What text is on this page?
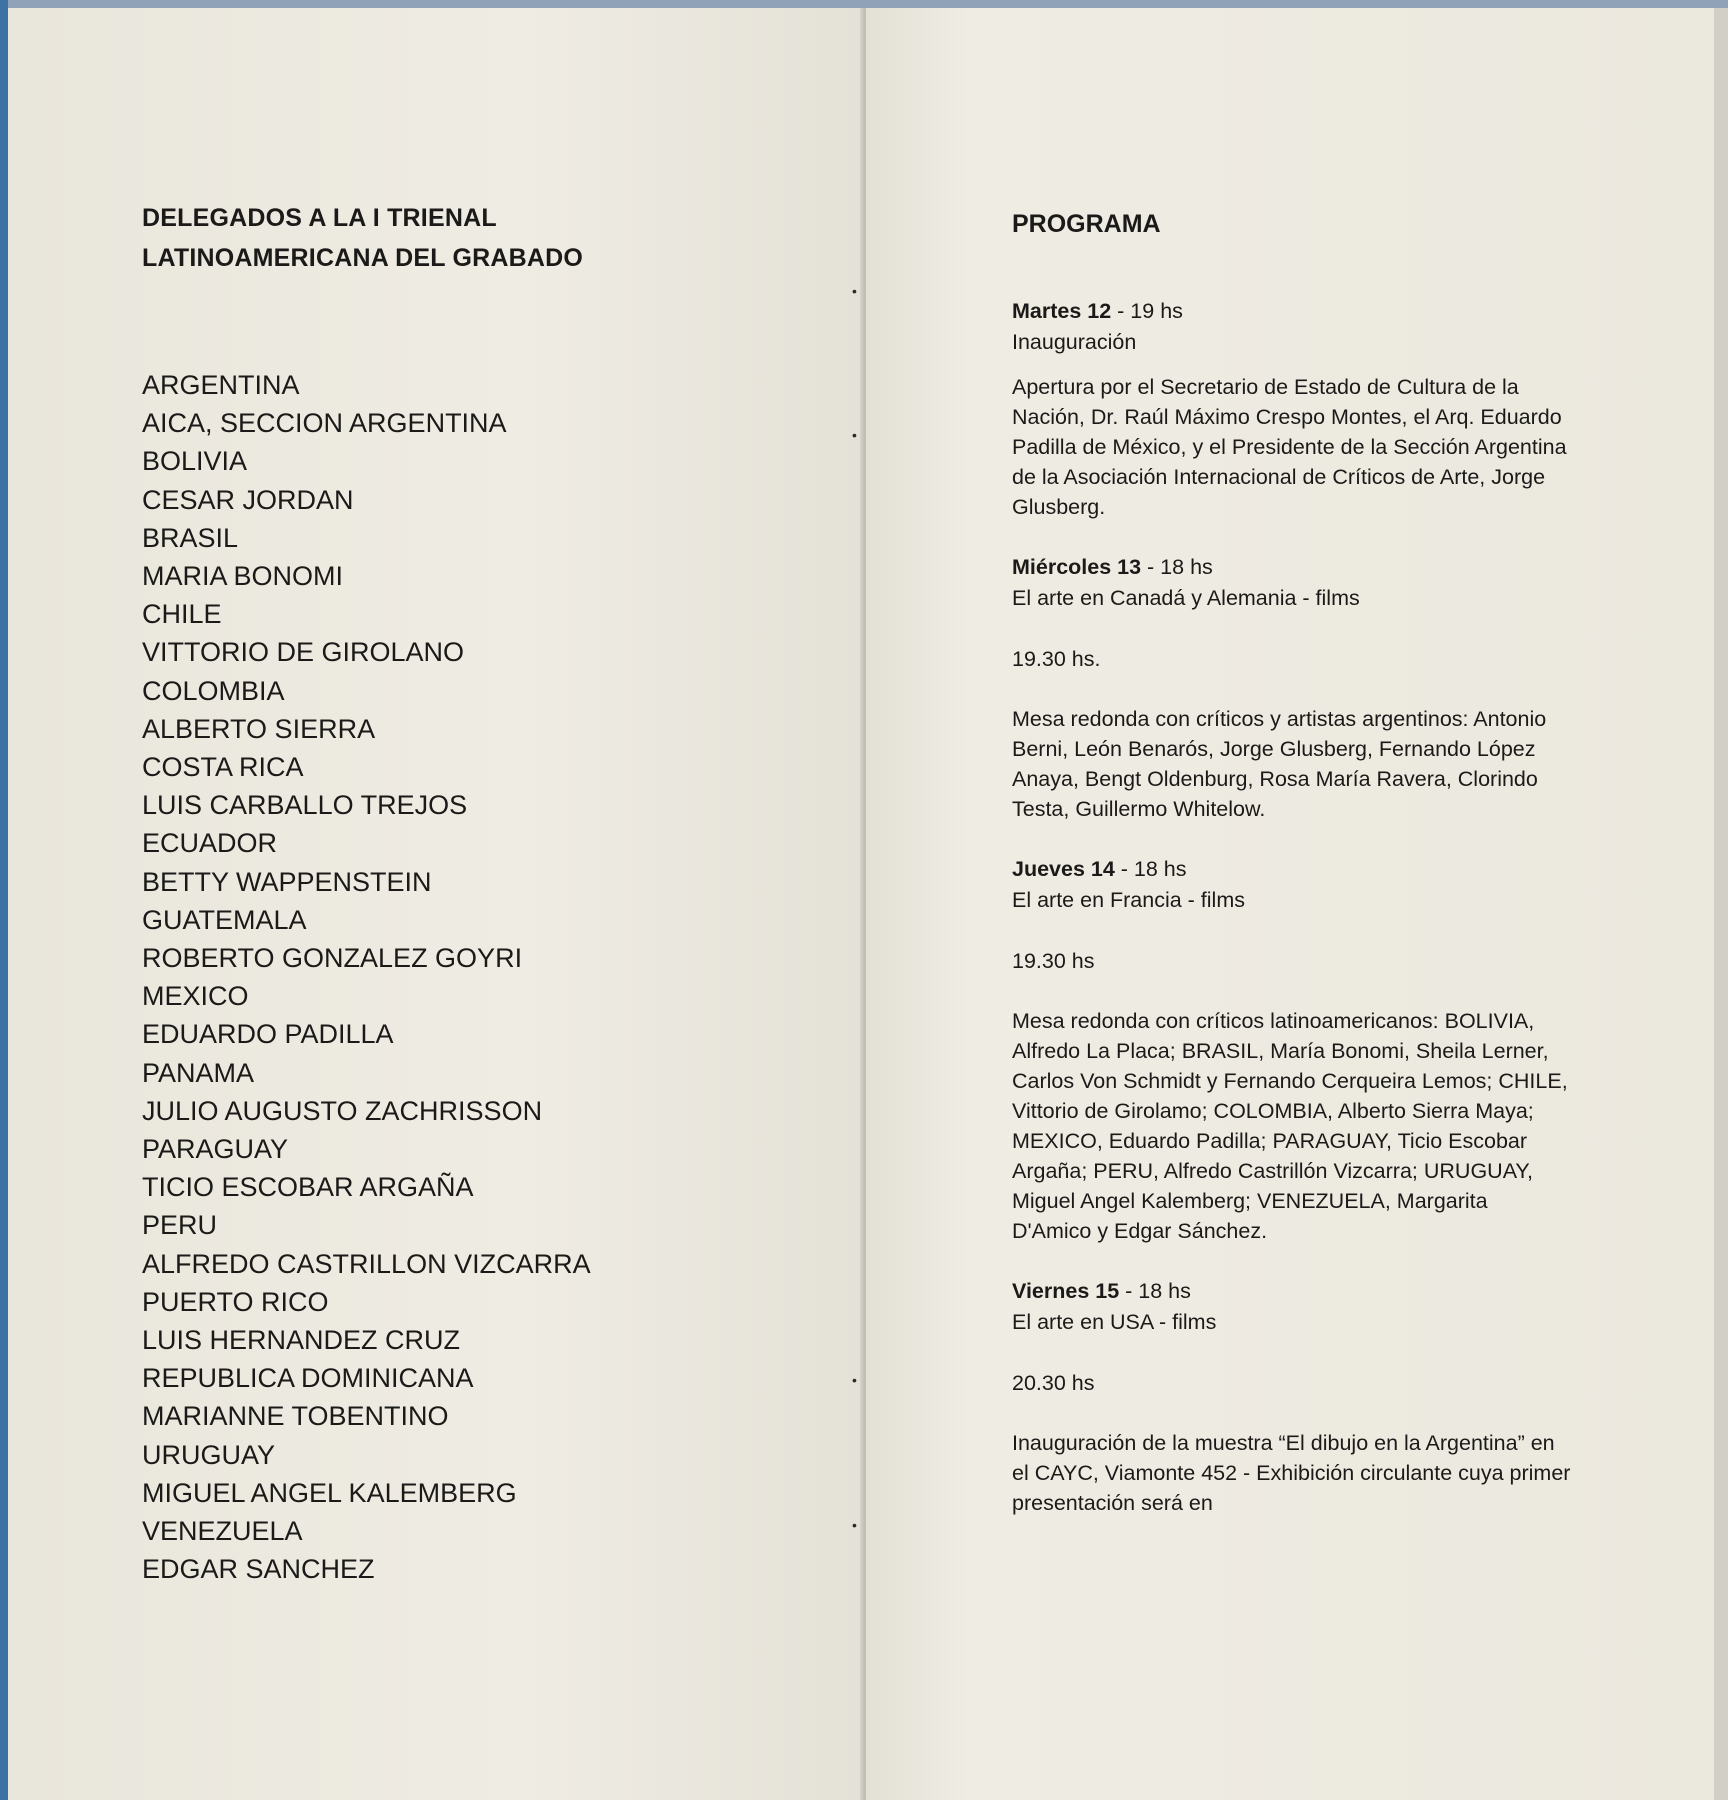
•
•
•
•
DELEGADOS A LA I TRIENAL
LATINOAMERICANA DEL GRABADO
ARGENTINA
AICA, SECCION ARGENTINA
BOLIVIA
CESAR JORDAN
BRASIL
MARIA BONOMI
CHILE
VITTORIO DE GIROLANO
COLOMBIA
ALBERTO SIERRA
COSTA RICA
LUIS CARBALLO TREJOS
ECUADOR
BETTY WAPPENSTEIN
GUATEMALA
ROBERTO GONZALEZ GOYRI
MEXICO
EDUARDO PADILLA
PANAMA
JULIO AUGUSTO ZACHRISSON
PARAGUAY
TICIO ESCOBAR ARGAÑA
PERU
ALFREDO CASTRILLON VIZCARRA
PUERTO RICO
LUIS HERNANDEZ CRUZ
REPUBLICA DOMINICANA
MARIANNE TOBENTINO
URUGUAY
MIGUEL ANGEL KALEMBERG
VENEZUELA
EDGAR SANCHEZ
PROGRAMA

Martes 12 - 19 hs

Inauguración

Apertura por el Secretario de Estado de Cultura de la Nación, Dr. Raúl Máximo Crespo Montes, el Arq. Eduardo Padilla de México, y el Presidente de la Sección Argentina de la Asociación Internacional de Críticos de Arte, Jorge Glusberg.

Miércoles 13 - 18 hs

El arte en Canadá y Alemania - films

19.30 hs.

Mesa redonda con críticos y artistas argentinos: Antonio Berni, León Benarós, Jorge Glusberg, Fernando López Anaya, Bengt Oldenburg, Rosa María Ravera, Clorindo Testa, Guillermo Whitelow.

Jueves 14 - 18 hs

El arte en Francia - films

19.30 hs

Mesa redonda con críticos latinoamericanos: BOLIVIA, Alfredo La Placa; BRASIL, María Bonomi, Sheila Lerner, Carlos Von Schmidt y Fernando Cerqueira Lemos; CHILE, Vittorio de Girolamo; COLOMBIA, Alberto Sierra Maya; MEXICO, Eduardo Padilla; PARAGUAY, Ticio Escobar Argaña; PERU, Alfredo Castrillón Vizcarra; URUGUAY, Miguel Angel Kalemberg; VENEZUELA, Margarita D'Amico y Edgar Sánchez.

Viernes 15 - 18 hs

El arte en USA - films

20.30 hs

Inauguración de la muestra “El dibujo en la Argentina” en el CAYC, Viamonte 452 - Exhibición circulante cuya primer presentación será en
